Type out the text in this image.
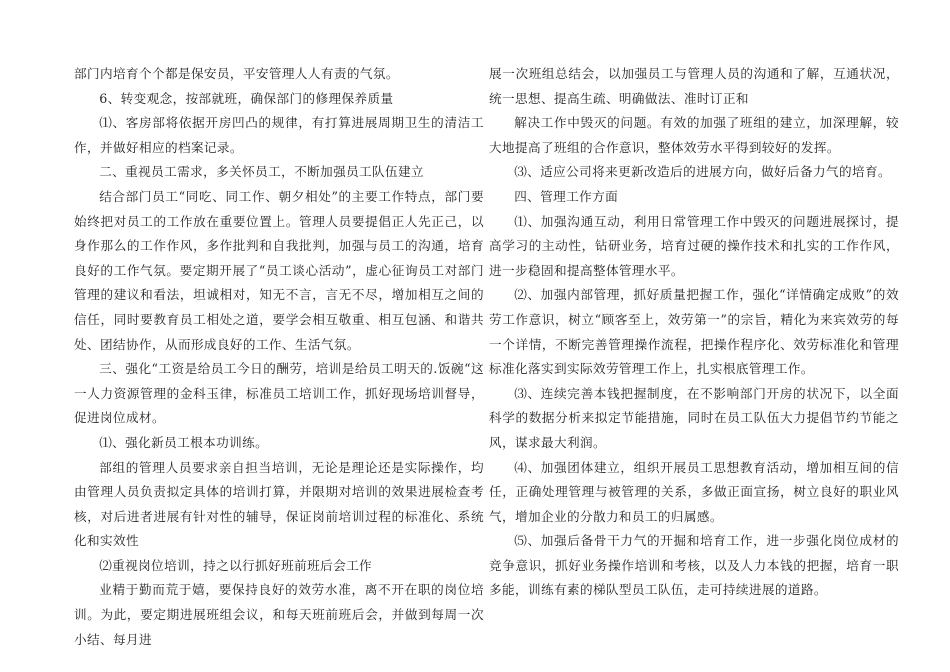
部门内培育个个都是保安员，平安管理人人有责的气氛。

6、转变观念，按部就班，确保部门的修理保养质量

⑴、客房部将依据开房凹凸的规律，有打算进展周期卫生的清洁工作，并做好相应的档案记录。

二、重视员工需求，多关怀员工，不断加强员工队伍建立

结合部门员工“同吃、同工作、朝夕相处”的主要工作特点，部门要始终把对员工的工作放在重要位置上。管理人员要提倡正人先正己，以身作那么的工作作风，多作批判和自我批判，加强与员工的沟通，培育良好的工作气氛。要定期开展了“员工谈心活动”，虚心征询员工对部门管理的建议和看法，坦诚相对，知无不言，言无不尽，增加相互之间的信任，同时要教育员工相处之道，要学会相互敬重、相互包涵、和谐共处、团结协作，从而形成良好的工作、生活气氛。

三、强化“工资是给员工今日的酬劳，培训是给员工明天的.饭碗“这一人力资源管理的金科玉律，标准员工培训工作，抓好现场培训督导，促进岗位成材。

⑴、强化新员工根本功训练。

部组的管理人员要求亲自担当培训，无论是理论还是实际操作，均由管理人员负责拟定具体的培训打算，并限期对培训的效果进展检查考核，对后进者进展有针对性的辅导，保证岗前培训过程的标准化、系统化和实效性

⑵重视岗位培训，持之以行抓好班前班后会工作

业精于勤而荒于嬉，要保持良好的效劳水准，离不开在职的岗位培训。为此，要定期进展班组会议，和每天班前班后会，并做到每周一次小结、每月进

展一次班组总结会，以加强员工与管理人员的沟通和了解，互通状况，统一思想、提高生疏、明确做法、准时订正和

解决工作中毁灭的问题。有效的加强了班组的建立，加深理解，较大地提高了班组的合作意识，整体效劳水平得到较好的发挥。

⑶、适应公司将来更新改造后的进展方向，做好后备力气的培育。

四、管理工作方面

⑴、加强沟通互动，利用日常管理工作中毁灭的问题进展探讨，提高学习的主动性，钻研业务，培育过硬的操作技术和扎实的工作作风，进一步稳固和提高整体管理水平。

⑵、加强内部管理，抓好质量把握工作，强化“详情确定成败”的效劳工作意识，树立“顾客至上，效劳第一”的宗旨，精化为来宾效劳的每一个详情，不断完善管理操作流程，把操作程序化、效劳标准化和管理标准化落实到实际效劳管理工作上，扎实根底管理工作。

⑶、连续完善本钱把握制度，在不影响部门开房的状况下，以全面科学的数据分析来拟定节能措施，同时在员工队伍大力提倡节约节能之风，谋求最大利润。

⑷、加强团体建立，组织开展员工思想教育活动，增加相互间的信任，正确处理管理与被管理的关系，多做正面宣扬，树立良好的职业风气，增加企业的分散力和员工的归属感。

⑸、加强后备骨干力气的开掘和培育工作，进一步强化岗位成材的竞争意识，抓好业务操作培训和考核，以及人力本钱的把握，培育一职多能，训练有素的梯队型员工队伍，走可持续进展的道路。
